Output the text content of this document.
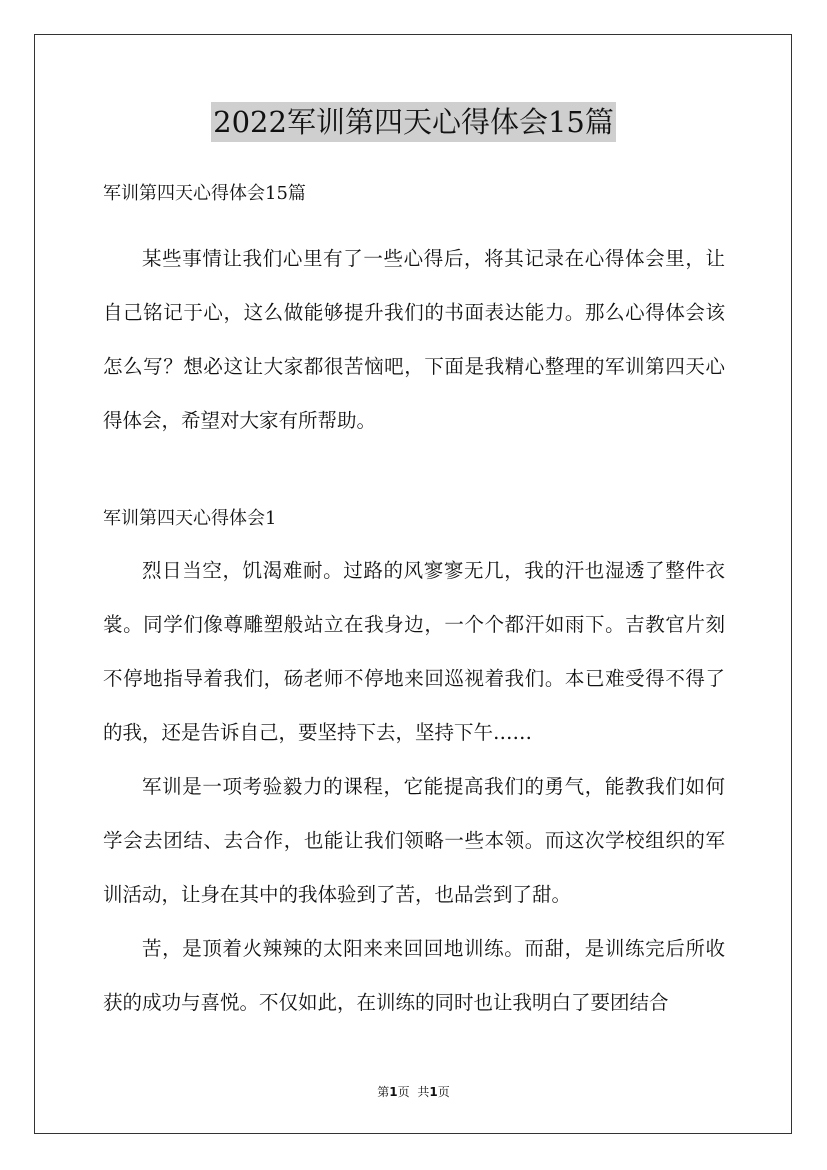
2022军训第四天心得体会15篇
军训第四天心得体会15篇

某些事情让我们心里有了一些心得后，将其记录在心得体会里，让自己铭记于心，这么做能够提升我们的书面表达能力。那么心得体会该怎么写？想必这让大家都很苦恼吧，下面是我精心整理的军训第四天心得体会，希望对大家有所帮助。

军训第四天心得体会1

烈日当空，饥渴难耐。过路的风寥寥无几，我的汗也湿透了整件衣裳。同学们像尊雕塑般站立在我身边，一个个都汗如雨下。吉教官片刻不停地指导着我们，砀老师不停地来回巡视着我们。本已难受得不得了的我，还是告诉自己，要坚持下去，坚持下午……

军训是一项考验毅力的课程，它能提高我们的勇气，能教我们如何学会去团结、去合作，也能让我们领略一些本领。而这次学校组织的军训活动，让身在其中的我体验到了苦，也品尝到了甜。

苦，是顶着火辣辣的太阳来来回回地训练。而甜，是训练完后所收获的成功与喜悦。不仅如此，在训练的同时也让我明白了要团结合

第1页 共1页
